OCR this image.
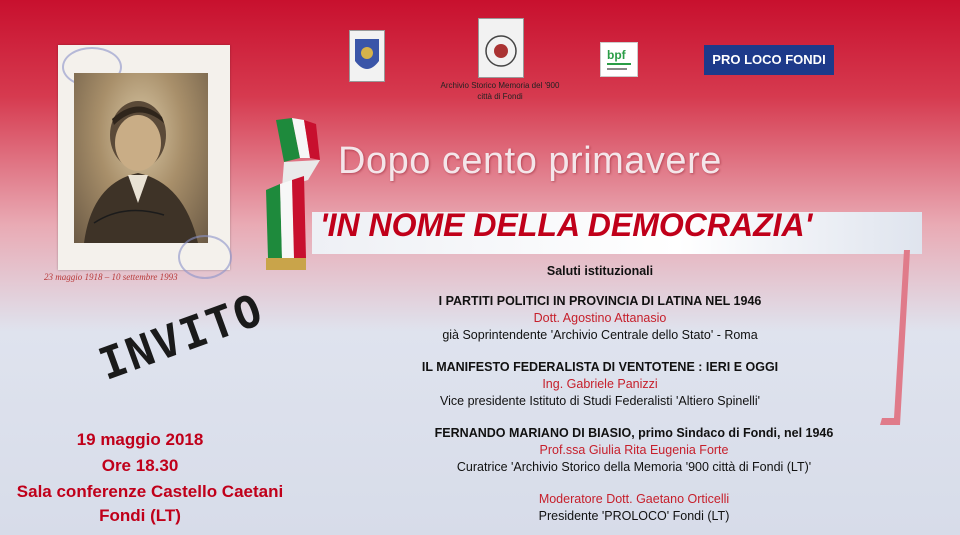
23 maggio 1918 – 10 settembre 1993
Archivio Storico Memoria del '900
città di Fondi
bpf	PRO LOCO FONDI
Dopo cento primavere
'IN NOME DELLA DEMOCRAZIA'
Saluti istituzionali
I PARTITI POLITICI IN PROVINCIA DI LATINA NEL 1946
Dott. Agostino Attanasio
già Soprintendente 'Archivio Centrale dello Stato' - Roma
IL MANIFESTO FEDERALISTA DI VENTOTENE : IERI E OGGI
Ing. Gabriele Panizzi
Vice presidente Istituto di Studi Federalisti 'Altiero Spinelli'
FERNANDO MARIANO DI BIASIO, primo Sindaco di Fondi, nel 1946
Prof.ssa Giulia Rita Eugenia Forte
Curatrice 'Archivio Storico della Memoria '900 città di Fondi (LT)'
Moderatore Dott. Gaetano Orticelli
Presidente 'PROLOCO' Fondi (LT)
INVITO
19 maggio 2018
Ore 18.30
Sala conferenze Castello Caetani
Fondi (LT)
